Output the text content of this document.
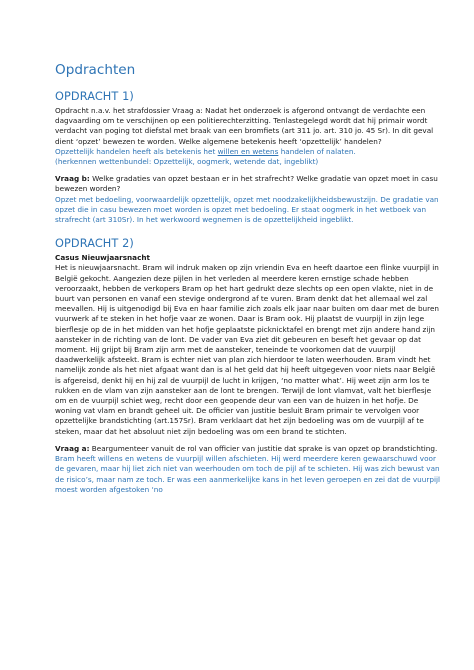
Opdrachten
OPDRACHT 1)

Opdracht n.a.v. het strafdossier Vraag a: Nadat het onderzoek is afgerond ontvangt de verdachte een dagvaarding om te verschijnen op een politierechterzitting. Tenlastegelegd wordt dat hij primair wordt verdacht van poging tot diefstal met braak van een bromfiets (art 311 jo. art. 310 jo. 45 Sr). In dit geval dient ‘opzet’ bewezen te worden. Welke algemene betekenis heeft ‘opzettelijk’ handelen?

Opzettelijk handelen heeft als betekenis het willen en wetens handelen of nalaten.

(herkennen wettenbundel: Opzettelijk, oogmerk, wetende dat, ingeblikt)

Vraag b: Welke gradaties van opzet bestaan er in het strafrecht? Welke gradatie van opzet moet in casu bewezen worden?

Opzet met bedoeling, voorwaardelijk opzettelijk, opzet met noodzakelijkheidsbewustzijn. De gradatie van opzet die in casu bewezen moet worden is opzet met bedoeling. Er staat oogmerk in het wetboek van strafrecht (art 310Sr). In het werkwoord wegnemen is de opzettelijkheid ingeblikt.

OPDRACHT 2)

Casus Nieuwjaarsnacht

Het is nieuwjaarsnacht. Bram wil indruk maken op zijn vriendin Eva en heeft daartoe een flinke vuurpijl in België gekocht. Aangezien deze pijlen in het verleden al meerdere keren ernstige schade hebben veroorzaakt, hebben de verkopers Bram op het hart gedrukt deze slechts op een open vlakte, niet in de buurt van personen en vanaf een stevige ondergrond af te vuren. Bram denkt dat het allemaal wel zal meevallen. Hij is uitgenodigd bij Eva en haar familie zich zoals elk jaar naar buiten om daar met de buren vuurwerk af te steken in het hofje vaar ze wonen. Daar is Bram ook. Hij plaatst de vuurpijl in zijn lege bierflesje op de in het midden van het hofje geplaatste picknicktafel en brengt met zijn andere hand zijn aansteker in de richting van de lont. De vader van Eva ziet dit gebeuren en beseft het gevaar op dat moment. Hij grijpt bij Bram zijn arm met de aansteker, teneinde te voorkomen dat de vuurpijl daadwerkelijk afsteekt. Bram is echter niet van plan zich hierdoor te laten weerhouden. Bram vindt het namelijk zonde als het niet afgaat want dan is al het geld dat hij heeft uitgegeven voor niets naar België is afgereisd, denkt hij en hij zal de vuurpijl de lucht in krijgen, ‘no matter what’. Hij weet zijn arm los te rukken en de vlam van zijn aansteker aan de lont te brengen. Terwijl de lont vlamvat, valt het bierflesje om en de vuurpijl schiet weg, recht door een geopende deur van een van de huizen in het hofje. De woning vat vlam en brandt geheel uit. De officier van justitie besluit Bram primair te vervolgen voor opzettelijke brandstichting (art.157Sr). Bram verklaart dat het zijn bedoeling was om de vuurpijl af te steken, maar dat het absoluut niet zijn bedoeling was om een brand te stichten.

Vraag a: Beargumenteer vanuit de rol van officier van justitie dat sprake is van opzet op brandstichting.

Bram heeft willens en wetens de vuurpijl willen afschieten. Hij werd meerdere keren gewaarschuwd voor de gevaren, maar hij liet zich niet van weerhouden om toch de pijl af te schieten. Hij was zich bewust van de risico’s, maar nam ze toch. Er was een aanmerkelijke kans in het leven geroepen en zei dat de vuurpijl moest worden afgestoken ‘no
